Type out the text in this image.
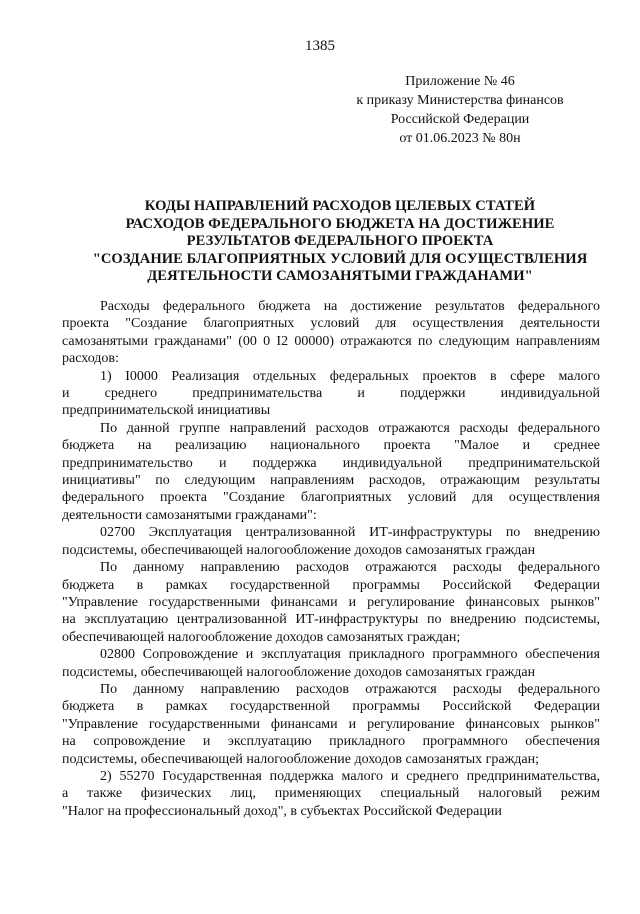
1385
Приложение № 46
к приказу Министерства финансов
Российской Федерации
от 01.06.2023 № 80н
КОДЫ НАПРАВЛЕНИЙ РАСХОДОВ ЦЕЛЕВЫХ СТАТЕЙ
РАСХОДОВ ФЕДЕРАЛЬНОГО БЮДЖЕТА НА ДОСТИЖЕНИЕ
РЕЗУЛЬТАТОВ ФЕДЕРАЛЬНОГО ПРОЕКТА
"СОЗДАНИЕ БЛАГОПРИЯТНЫХ УСЛОВИЙ ДЛЯ ОСУЩЕСТВЛЕНИЯ
ДЕЯТЕЛЬНОСТИ САМОЗАНЯТЫМИ ГРАЖДАНАМИ"
Расходы федерального бюджета на достижение результатов федерального
проекта "Создание благоприятных условий для осуществления деятельности
самозанятыми гражданами" (00 0 I2 00000) отражаются по следующим направлениям
расходов:
1) I0000 Реализация отдельных федеральных проектов в сфере малого
и среднего предпринимательства и поддержки индивидуальной
предпринимательской инициативы
По данной группе направлений расходов отражаются расходы федерального
бюджета на реализацию национального проекта "Малое и среднее
предпринимательство и поддержка индивидуальной предпринимательской
инициативы" по следующим направлениям расходов, отражающим результаты
федерального проекта "Создание благоприятных условий для осуществления
деятельности самозанятыми гражданами":
02700 Эксплуатация централизованной ИТ-инфраструктуры по внедрению
подсистемы, обеспечивающей налогообложение доходов самозанятых граждан
По данному направлению расходов отражаются расходы федерального
бюджета в рамках государственной программы Российской Федерации
"Управление государственными финансами и регулирование финансовых рынков"
на эксплуатацию централизованной ИТ-инфраструктуры по внедрению подсистемы,
обеспечивающей налогообложение доходов самозанятых граждан;
02800 Сопровождение и эксплуатация прикладного программного обеспечения
подсистемы, обеспечивающей налогообложение доходов самозанятых граждан
По данному направлению расходов отражаются расходы федерального
бюджета в рамках государственной программы Российской Федерации
"Управление государственными финансами и регулирование финансовых рынков"
на сопровождение и эксплуатацию прикладного программного обеспечения
подсистемы, обеспечивающей налогообложение доходов самозанятых граждан;
2) 55270 Государственная поддержка малого и среднего предпринимательства,
а также физических лиц, применяющих специальный налоговый режим
"Налог на профессиональный доход", в субъектах Российской Федерации
